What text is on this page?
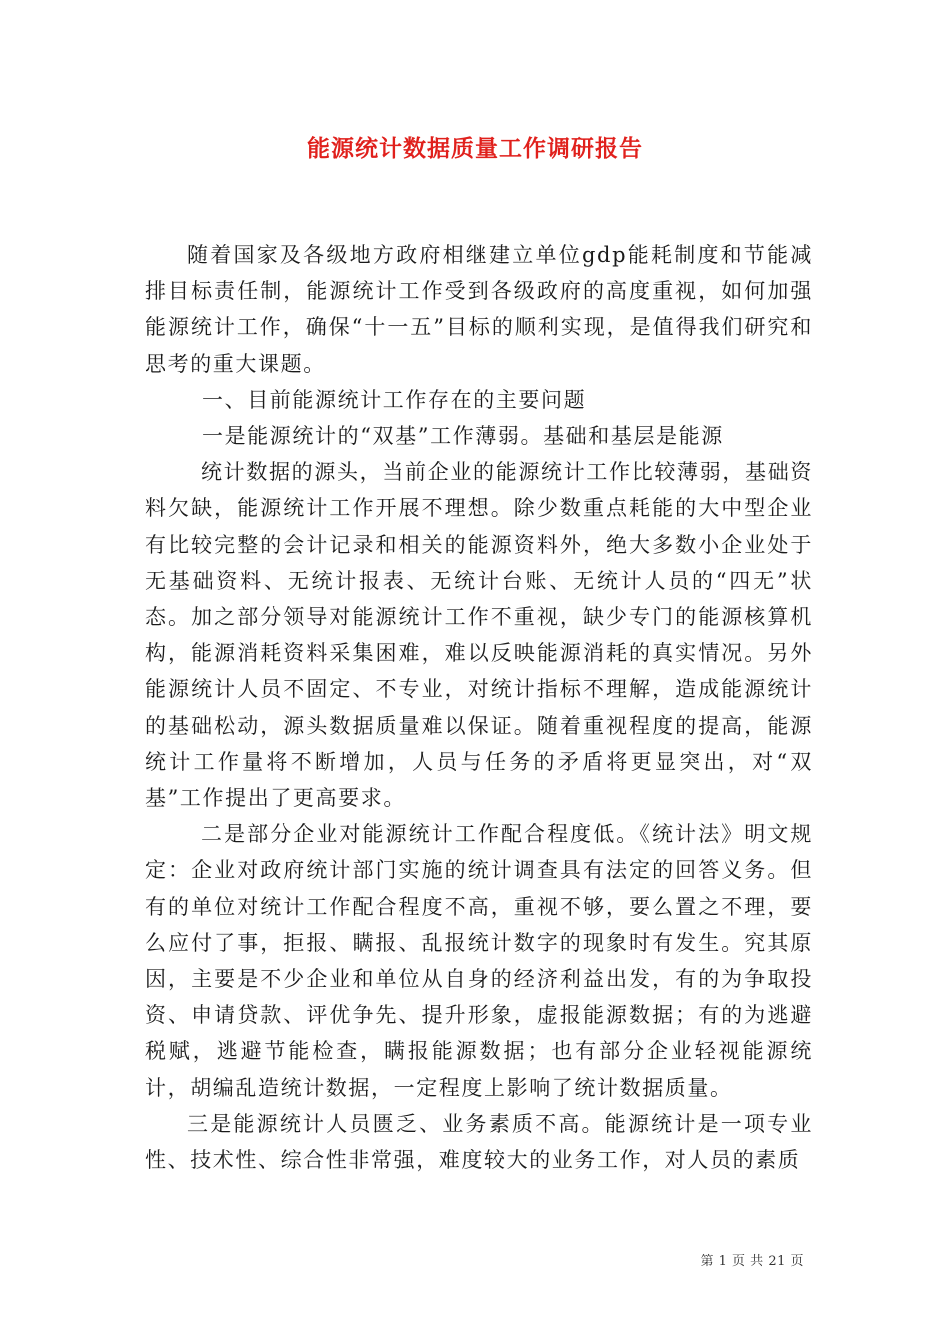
能源统计数据质量工作调研报告

随着国家及各级地方政府相继建立单位gdp能耗制度和节能减排目标责任制，能源统计工作受到各级政府的高度重视，如何加强能源统计工作，确保“十一五”目标的顺利实现，是值得我们研究和思考的重大课题。

一、目前能源统计工作存在的主要问题

一是能源统计的“双基”工作薄弱。基础和基层是能源

统计数据的源头，当前企业的能源统计工作比较薄弱，基础资料欠缺，能源统计工作开展不理想。除少数重点耗能的大中型企业有比较完整的会计记录和相关的能源资料外，绝大多数小企业处于无基础资料、无统计报表、无统计台账、无统计人员的“四无”状态。加之部分领导对能源统计工作不重视，缺少专门的能源核算机构，能源消耗资料采集困难，难以反映能源消耗的真实情况。另外能源统计人员不固定、不专业，对统计指标不理解，造成能源统计的基础松动，源头数据质量难以保证。随着重视程度的提高，能源统计工作量将不断增加，人员与任务的矛盾将更显突出，对“双基”工作提出了更高要求。

二是部分企业对能源统计工作配合程度低。《统计法》明文规定：企业对政府统计部门实施的统计调查具有法定的回答义务。但有的单位对统计工作配合程度不高，重视不够，要么置之不理，要么应付了事，拒报、瞒报、乱报统计数字的现象时有发生。究其原因，主要是不少企业和单位从自身的经济利益出发，有的为争取投资、申请贷款、评优争先、提升形象，虚报能源数据；有的为逃避税赋，逃避节能检查，瞒报能源数据；也有部分企业轻视能源统计，胡编乱造统计数据，一定程度上影响了统计数据质量。

三是能源统计人员匮乏、业务素质不高。能源统计是一项专业性、技术性、综合性非常强，难度较大的业务工作，对人员的素质

第 1 页 共 21 页
